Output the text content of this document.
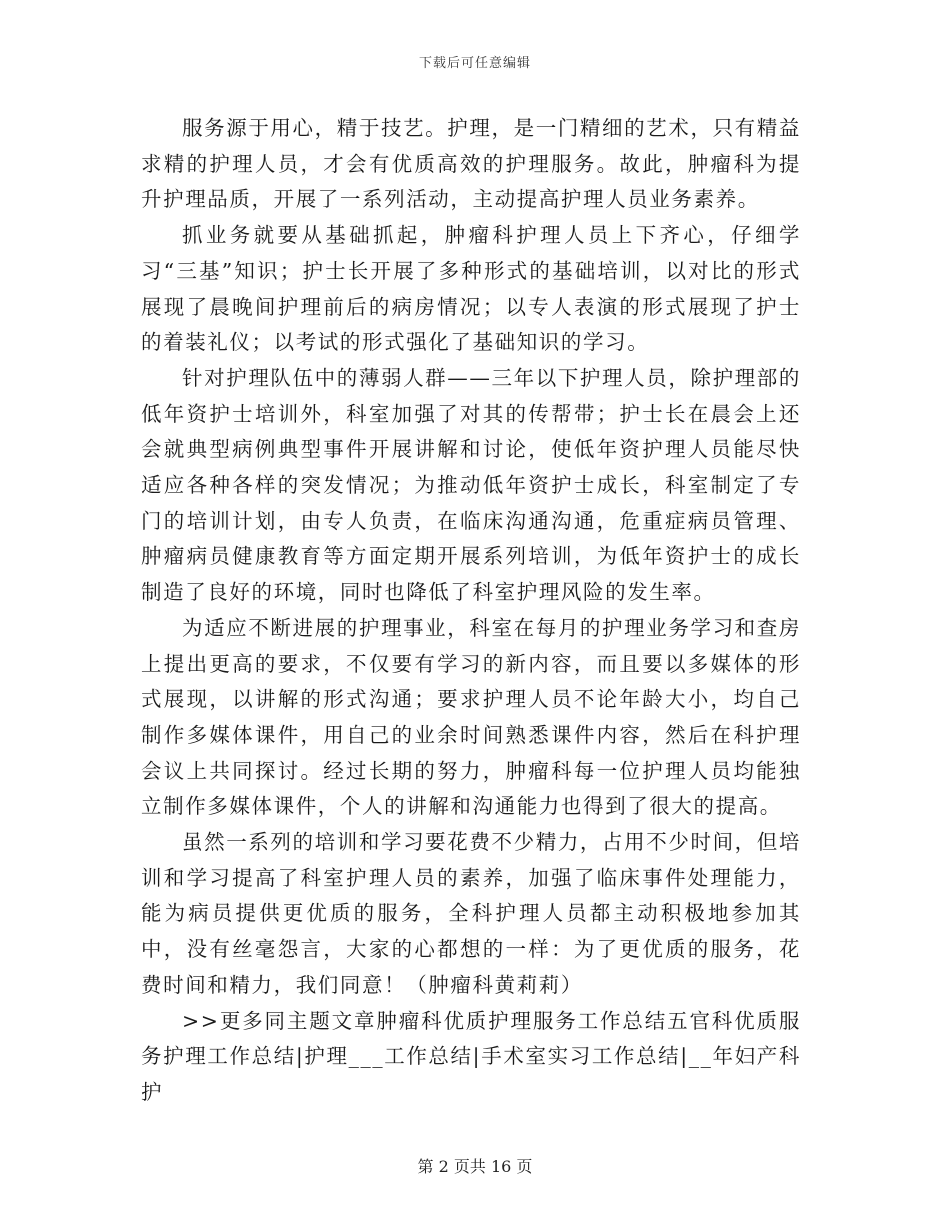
下载后可任意编辑

服务源于用心，精于技艺。护理，是一门精细的艺术，只有精益求精的护理人员，才会有优质高效的护理服务。故此，肿瘤科为提升护理品质，开展了一系列活动，主动提高护理人员业务素养。

抓业务就要从基础抓起，肿瘤科护理人员上下齐心，仔细学习“三基”知识；护士长开展了多种形式的基础培训，以对比的形式展现了晨晚间护理前后的病房情况；以专人表演的形式展现了护士的着装礼仪；以考试的形式强化了基础知识的学习。

针对护理队伍中的薄弱人群——三年以下护理人员，除护理部的低年资护士培训外，科室加强了对其的传帮带；护士长在晨会上还会就典型病例典型事件开展讲解和讨论，使低年资护理人员能尽快适应各种各样的突发情况；为推动低年资护士成长，科室制定了专门的培训计划，由专人负责，在临床沟通沟通，危重症病员管理、肿瘤病员健康教育等方面定期开展系列培训，为低年资护士的成长制造了良好的环境，同时也降低了科室护理风险的发生率。

为适应不断进展的护理事业，科室在每月的护理业务学习和查房上提出更高的要求，不仅要有学习的新内容，而且要以多媒体的形式展现，以讲解的形式沟通；要求护理人员不论年龄大小，均自己制作多媒体课件，用自己的业余时间熟悉课件内容，然后在科护理会议上共同探讨。经过长期的努力，肿瘤科每一位护理人员均能独立制作多媒体课件，个人的讲解和沟通能力也得到了很大的提高。

虽然一系列的培训和学习要花费不少精力，占用不少时间，但培训和学习提高了科室护理人员的素养，加强了临床事件处理能力，能为病员提供更优质的服务，全科护理人员都主动积极地参加其中，没有丝毫怨言，大家的心都想的一样：为了更优质的服务，花费时间和精力，我们同意！（肿瘤科黄莉莉）

>>更多同主题文章肿瘤科优质护理服务工作总结五官科优质服务护理工作总结|护理___工作总结|手术室实习工作总结|__年妇产科护

第 2 页共 16 页
